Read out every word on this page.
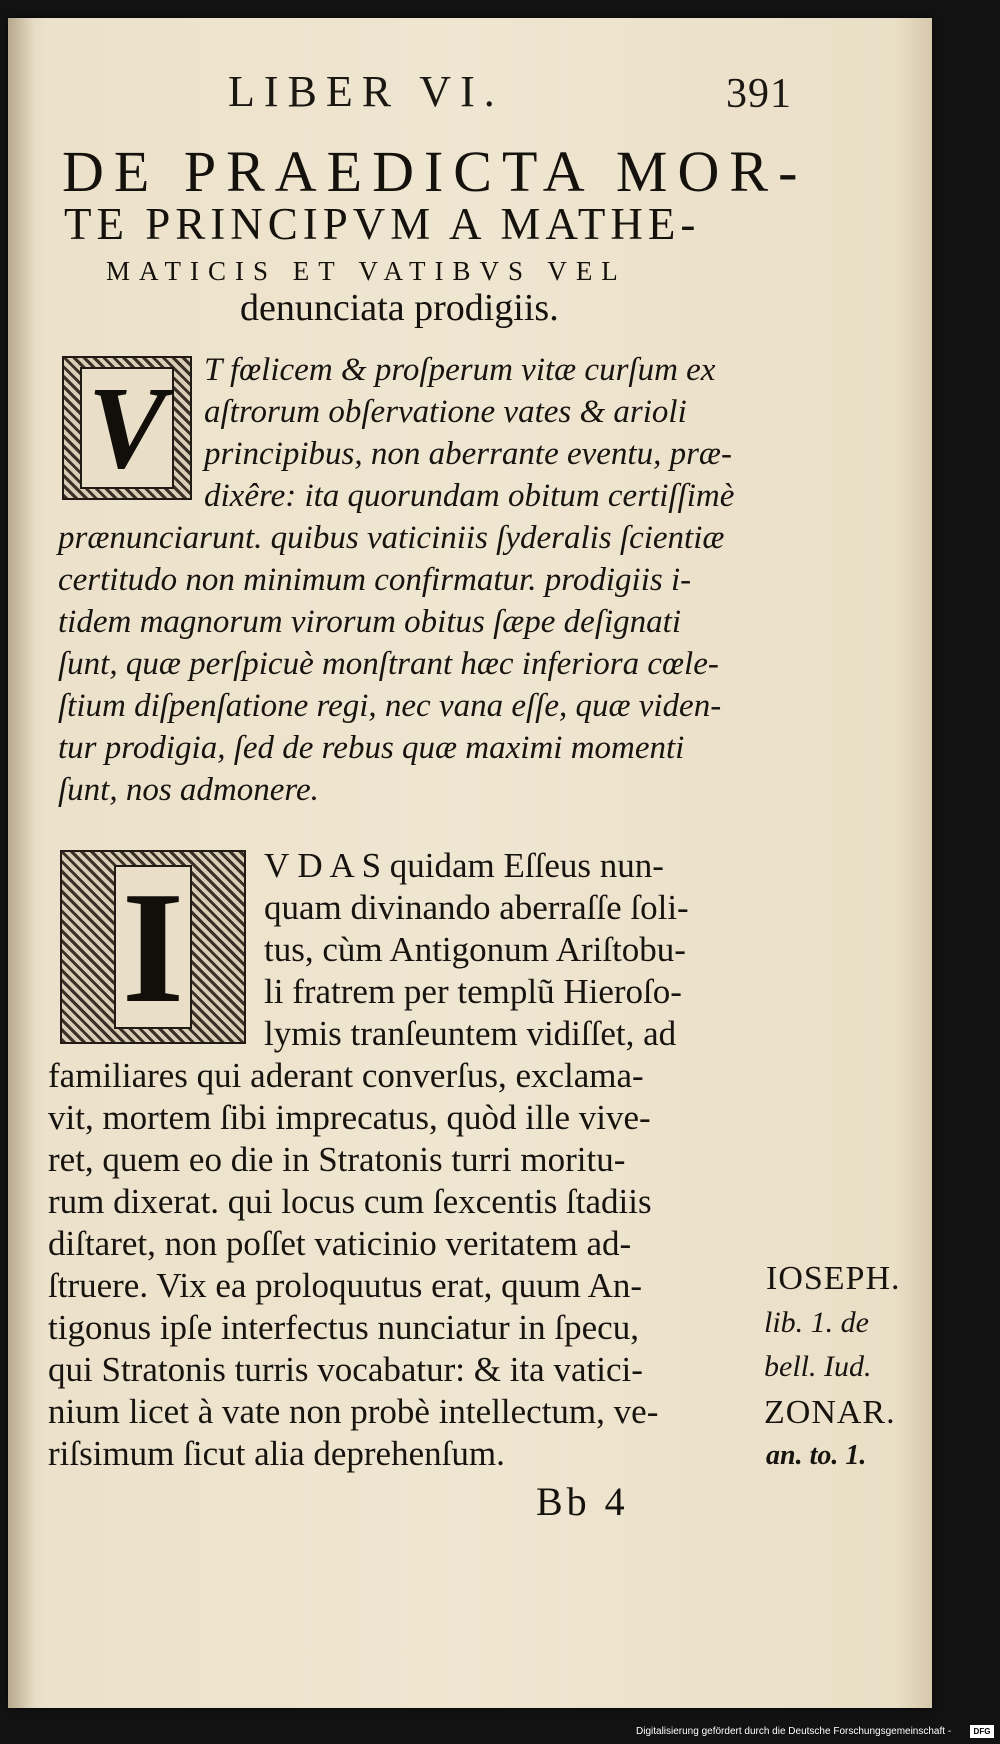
LIBER VI.	391
DE PRAEDICTA MOR-
TE PRINCIPVM A MATHE-
MATICIS ET VATIBVS VEL
denunciata prodigiis.
V T fœlicem & proſperum vitæ curſum ex
aſtrorum obſervatione vates & arioli
principibus, non aberrante eventu, præ-
dixêre: ita quorundam obitum certiſſimè
prænunciarunt. quibus vaticiniis ſyderalis ſcientiæ
certitudo non minimum confirmatur. prodigiis i-
tidem magnorum virorum obitus ſæpe deſignati
ſunt, quæ perſpicuè monſtrant hæc inferiora cœle-
ſtium diſpenſatione regi, nec vana eſſe, quæ viden-
tur prodigia, ſed de rebus quæ maximi momenti
ſunt, nos admonere.
I V D A S quidam Eſſeus nun-
quam divinando aberraſſe ſoli-
tus, cùm Antigonum Ariſtobu-
li fratrem per templũ Hieroſo-
lymis tranſeuntem vidiſſet, ad
familiares qui aderant converſus, exclama-
vit, mortem ſibi imprecatus, quòd ille vive-
ret, quem eo die in Stratonis turri moritu-
rum dixerat. qui locus cum ſexcentis ſtadiis
diſtaret, non poſſet vaticinio veritatem ad-
ſtruere. Vix ea proloquutus erat, quum An-
tigonus ipſe interfectus nunciatur in ſpecu,
qui Stratonis turris vocabatur: & ita vatici-
nium licet à vate non probè intellectum, ve-
riſsimum ſicut alia deprehenſum.
IOSEPH.
lib. 1. de
bell. Iud.
ZONAR.
an. to. 1.
Bb 4
Digitalisierung gefördert durch die Deutsche Forschungsgemeinschaft -	DFG
